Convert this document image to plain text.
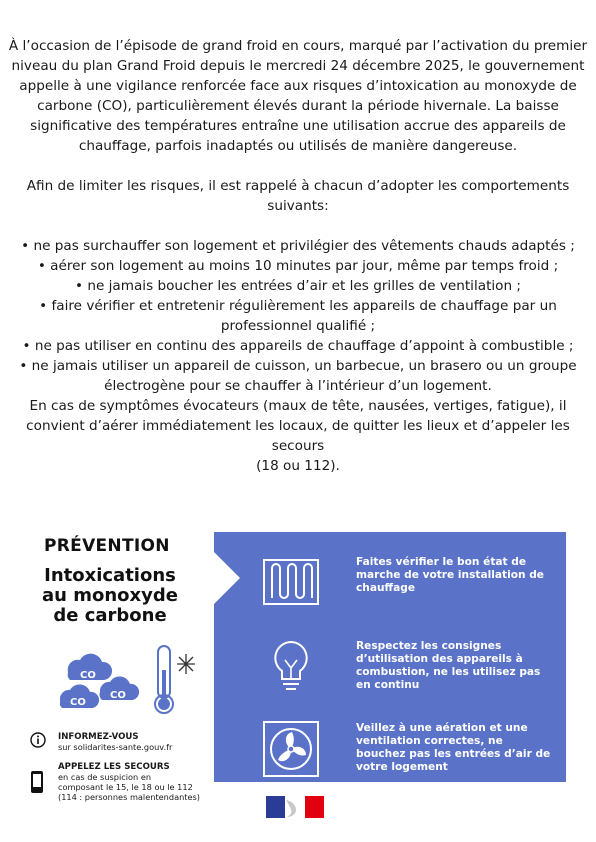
À l’occasion de l’épisode de grand froid en cours, marqué par l’activation du premier niveau du plan Grand Froid depuis le mercredi 24 décembre 2025, le gouvernement appelle à une vigilance renforcée face aux risques d’intoxication au monoxyde de carbone (CO), particulièrement élevés durant la période hivernale. La baisse significative des températures entraîne une utilisation accrue des appareils de chauffage, parfois inadaptés ou utilisés de manière dangereuse.

Afin de limiter les risques, il est rappelé à chacun d’adopter les comportements suivants:

• ne pas surchauffer son logement et privilégier des vêtements chauds adaptés ;

• aérer son logement au moins 10 minutes par jour, même par temps froid ;

• ne jamais boucher les entrées d’air et les grilles de ventilation ;

• faire vérifier et entretenir régulièrement les appareils de chauffage par un professionnel qualifié ;

• ne pas utiliser en continu des appareils de chauffage d’appoint à combustible ;

• ne jamais utiliser un appareil de cuisson, un barbecue, un brasero ou un groupe électrogène pour se chauffer à l’intérieur d’un logement.

En cas de symptômes évocateurs (maux de tête, nausées, vertiges, fatigue), il convient d’aérer immédiatement les locaux, de quitter les lieux et d’appeler les secours

(18 ou 112).

PRÉVENTION
Intoxications
au monoxyde
de carbone
CO
CO
CO
INFORMEZ-VOUS
sur solidarites-sante.gouv.fr
APPELEZ LES SECOURS
en cas de suspicion en
composant le 15, le 18 ou le 112
(114 : personnes malentendantes)
Faites vérifier le bon état de marche de votre installation de chauffage
Respectez les consignes d’utilisation des appareils à combustion, ne les utilisez pas en continu
Veillez à une aération et une ventilation correctes, ne bouchez pas les entrées d’air de votre logement
